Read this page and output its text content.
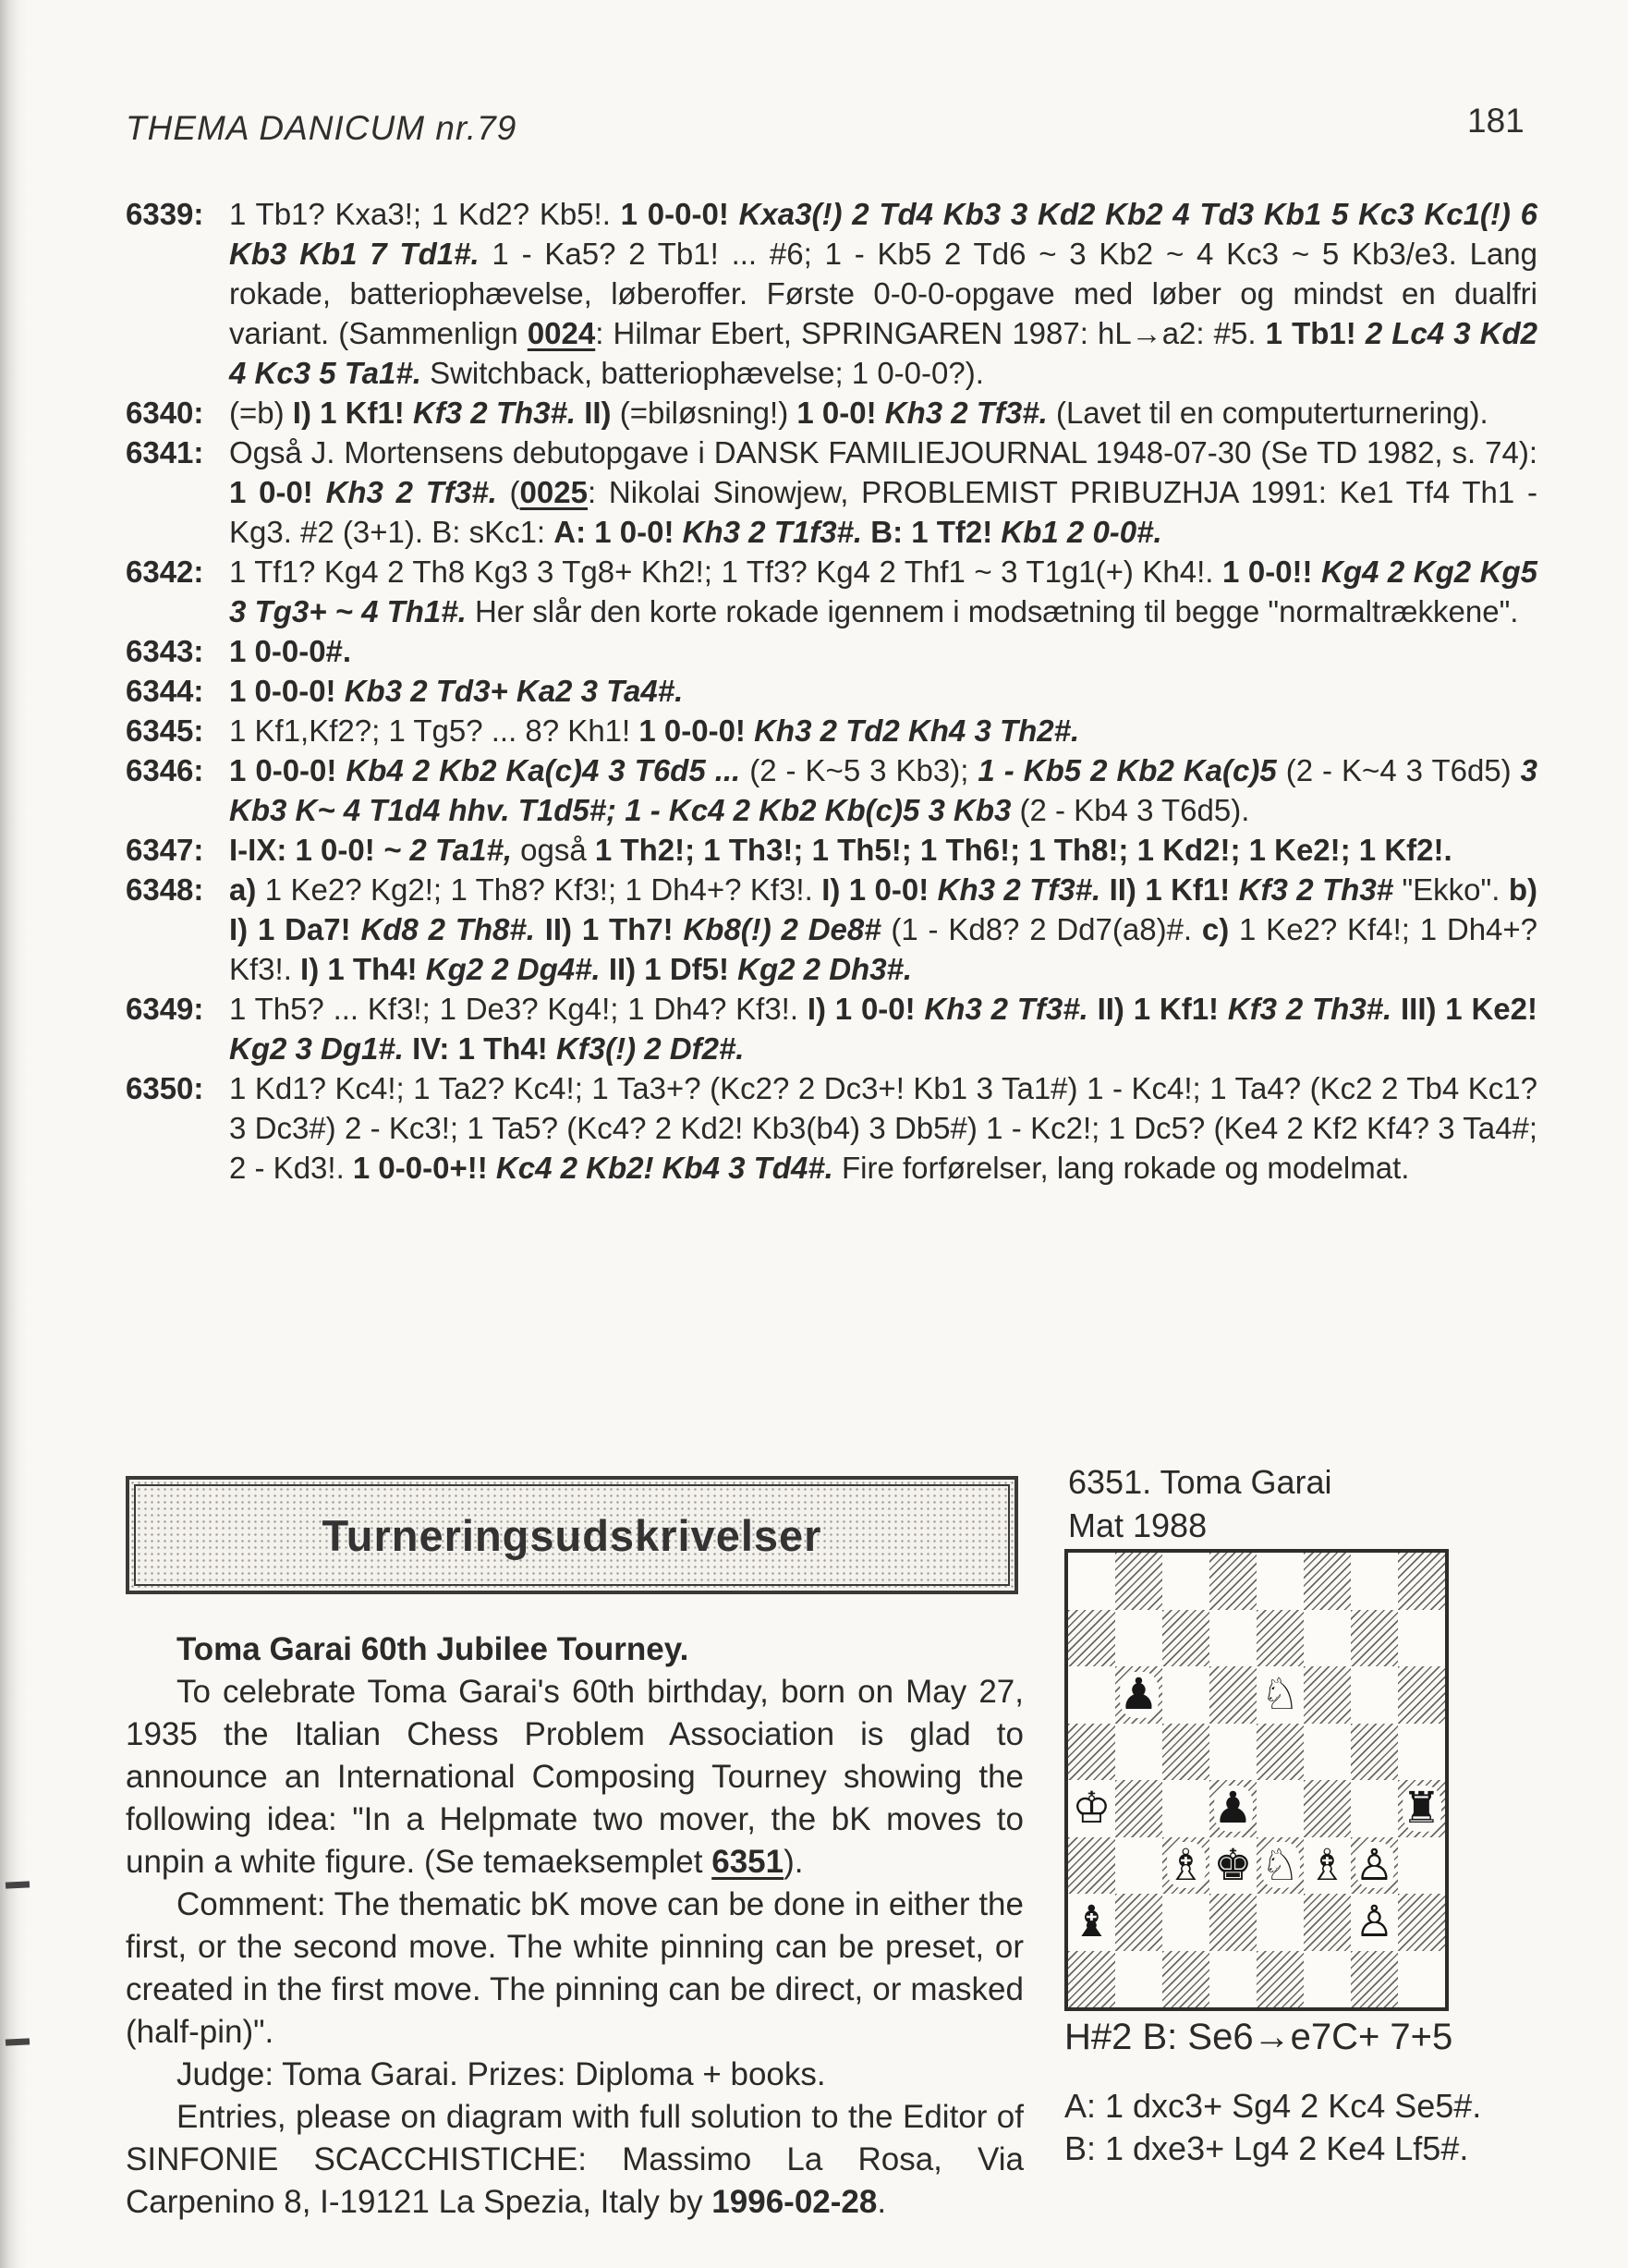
THEMA DANICUM nr.79	181

6339: 1 Tb1? Kxa3!; 1 Kd2? Kb5!. 1 0-0-0! Kxa3(!) 2 Td4 Kb3 3 Kd2 Kb2 4 Td3 Kb1 5 Kc3 Kc1(!) 6 Kb3 Kb1 7 Td1#. 1 - Ka5? 2 Tb1! ... #6; 1 - Kb5 2 Td6 ~ 3 Kb2 ~ 4 Kc3 ~ 5 Kb3/e3. Lang rokade, batteriophævelse, løberoffer. Første 0-0-0-opgave med løber og mindst en dualfri variant. (Sammenlign 0024: Hilmar Ebert, SPRINGAREN 1987: hL→a2: #5. 1 Tb1! 2 Lc4 3 Kd2 4 Kc3 5 Ta1#. Switchback, batteriophævelse; 1 0-0-0?).

6340: (=b) I) 1 Kf1! Kf3 2 Th3#. II) (=biløsning!) 1 0-0! Kh3 2 Tf3#. (Lavet til en computerturnering).

6341: Også J. Mortensens debutopgave i DANSK FAMILIEJOURNAL 1948-07-30 (Se TD 1982, s. 74): 1 0-0! Kh3 2 Tf3#. (0025: Nikolai Sinowjew, PROBLEMIST PRIBUZHJA 1991: Ke1 Tf4 Th1 - Kg3. #2 (3+1). B: sKc1: A: 1 0-0! Kh3 2 T1f3#. B: 1 Tf2! Kb1 2 0-0#.

6342: 1 Tf1? Kg4 2 Th8 Kg3 3 Tg8+ Kh2!; 1 Tf3? Kg4 2 Thf1 ~ 3 T1g1(+) Kh4!. 1 0-0!! Kg4 2 Kg2 Kg5 3 Tg3+ ~ 4 Th1#. Her slår den korte rokade igennem i modsætning til begge "normaltrækkene".

6343: 1 0-0-0#.

6344: 1 0-0-0! Kb3 2 Td3+ Ka2 3 Ta4#.

6345: 1 Kf1,Kf2?; 1 Tg5? ... 8? Kh1! 1 0-0-0! Kh3 2 Td2 Kh4 3 Th2#.

6346: 1 0-0-0! Kb4 2 Kb2 Ka(c)4 3 T6d5 ... (2 - K~5 3 Kb3); 1 - Kb5 2 Kb2 Ka(c)5 (2 - K~4 3 T6d5) 3 Kb3 K~ 4 T1d4 hhv. T1d5#; 1 - Kc4 2 Kb2 Kb(c)5 3 Kb3 (2 - Kb4 3 T6d5).

6347: I-IX: 1 0-0! ~ 2 Ta1#, også 1 Th2!; 1 Th3!; 1 Th5!; 1 Th6!; 1 Th8!; 1 Kd2!; 1 Ke2!; 1 Kf2!.

6348: a) 1 Ke2? Kg2!; 1 Th8? Kf3!; 1 Dh4+? Kf3!. I) 1 0-0! Kh3 2 Tf3#. II) 1 Kf1! Kf3 2 Th3# "Ekko". b) I) 1 Da7! Kd8 2 Th8#. II) 1 Th7! Kb8(!) 2 De8# (1 - Kd8? 2 Dd7(a8)#. c) 1 Ke2? Kf4!; 1 Dh4+? Kf3!. I) 1 Th4! Kg2 2 Dg4#. II) 1 Df5! Kg2 2 Dh3#.

6349: 1 Th5? ... Kf3!; 1 De3? Kg4!; 1 Dh4? Kf3!. I) 1 0-0! Kh3 2 Tf3#. II) 1 Kf1! Kf3 2 Th3#. III) 1 Ke2! Kg2 3 Dg1#. IV: 1 Th4! Kf3(!) 2 Df2#.

6350: 1 Kd1? Kc4!; 1 Ta2? Kc4!; 1 Ta3+? (Kc2? 2 Dc3+! Kb1 3 Ta1#) 1 - Kc4!; 1 Ta4? (Kc2 2 Tb4 Kc1? 3 Dc3#) 2 - Kc3!; 1 Ta5? (Kc4? 2 Kd2! Kb3(b4) 3 Db5#) 1 - Kc2!; 1 Dc5? (Ke4 2 Kf2 Kf4? 3 Ta4#; 2 - Kd3!. 1 0-0-0+!! Kc4 2 Kb2! Kb4 3 Td4#. Fire forførelser, lang rokade og modelmat.

Turneringsudskrivelser

Toma Garai 60th Jubilee Tourney.

To celebrate Toma Garai's 60th birthday, born on May 27, 1935 the Italian Chess Problem Association is glad to announce an International Composing Tourney showing the following idea: "In a Helpmate two mover, the bK moves to unpin a white figure. (Se temaeksemplet 6351).

Comment: The thematic bK move can be done in either the first, or the second move. The white pinning can be preset, or created in the first move. The pinning can be direct, or masked (half-pin)".

Judge: Toma Garai. Prizes: Diploma + books.

Entries, please on diagram with full solution to the Editor of SINFONIE SCACCHISTICHE: Massimo La Rosa, Via Carpenino 8, I-19121 La Spezia, Italy by 1996-02-28.

6351. Toma Garai
Mat 1988
♟ ♘
♔ ♟	♜
♗ ♚ ♘ ♗ ♙
♝	♙
H#2 B: Se6→e7 C+ 7+5
A: 1 dxc3+ Sg4 2 Kc4 Se5#.
B: 1 dxe3+ Lg4 2 Ke4 Lf5#.
